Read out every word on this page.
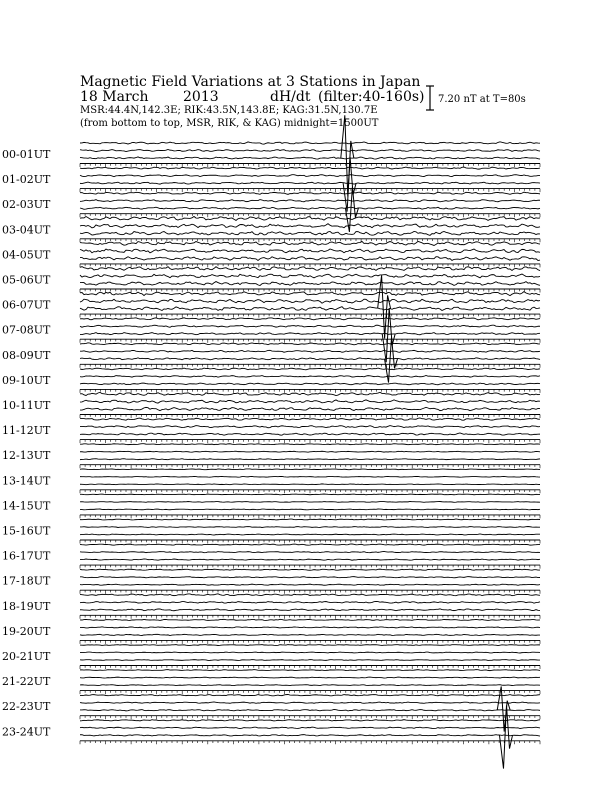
Magnetic Field Variations at 3 Stations in Japan
18 March 2013	dH/dt (filter:40-160s)
MSR:44.4N,142.3E; RIK:43.5N,143.8E; KAG:31.5N,130.7E
(from bottom to top, MSR, RIK, & KAG) midnight=1500UT
7.20 nT at T=80s
00-01UT
01-02UT
02-03UT
03-04UT
04-05UT
05-06UT
06-07UT
07-08UT
08-09UT
09-10UT
10-11UT
11-12UT
12-13UT
13-14UT
14-15UT
15-16UT
16-17UT
17-18UT
18-19UT
19-20UT
20-21UT
21-22UT
22-23UT
23-24UT
